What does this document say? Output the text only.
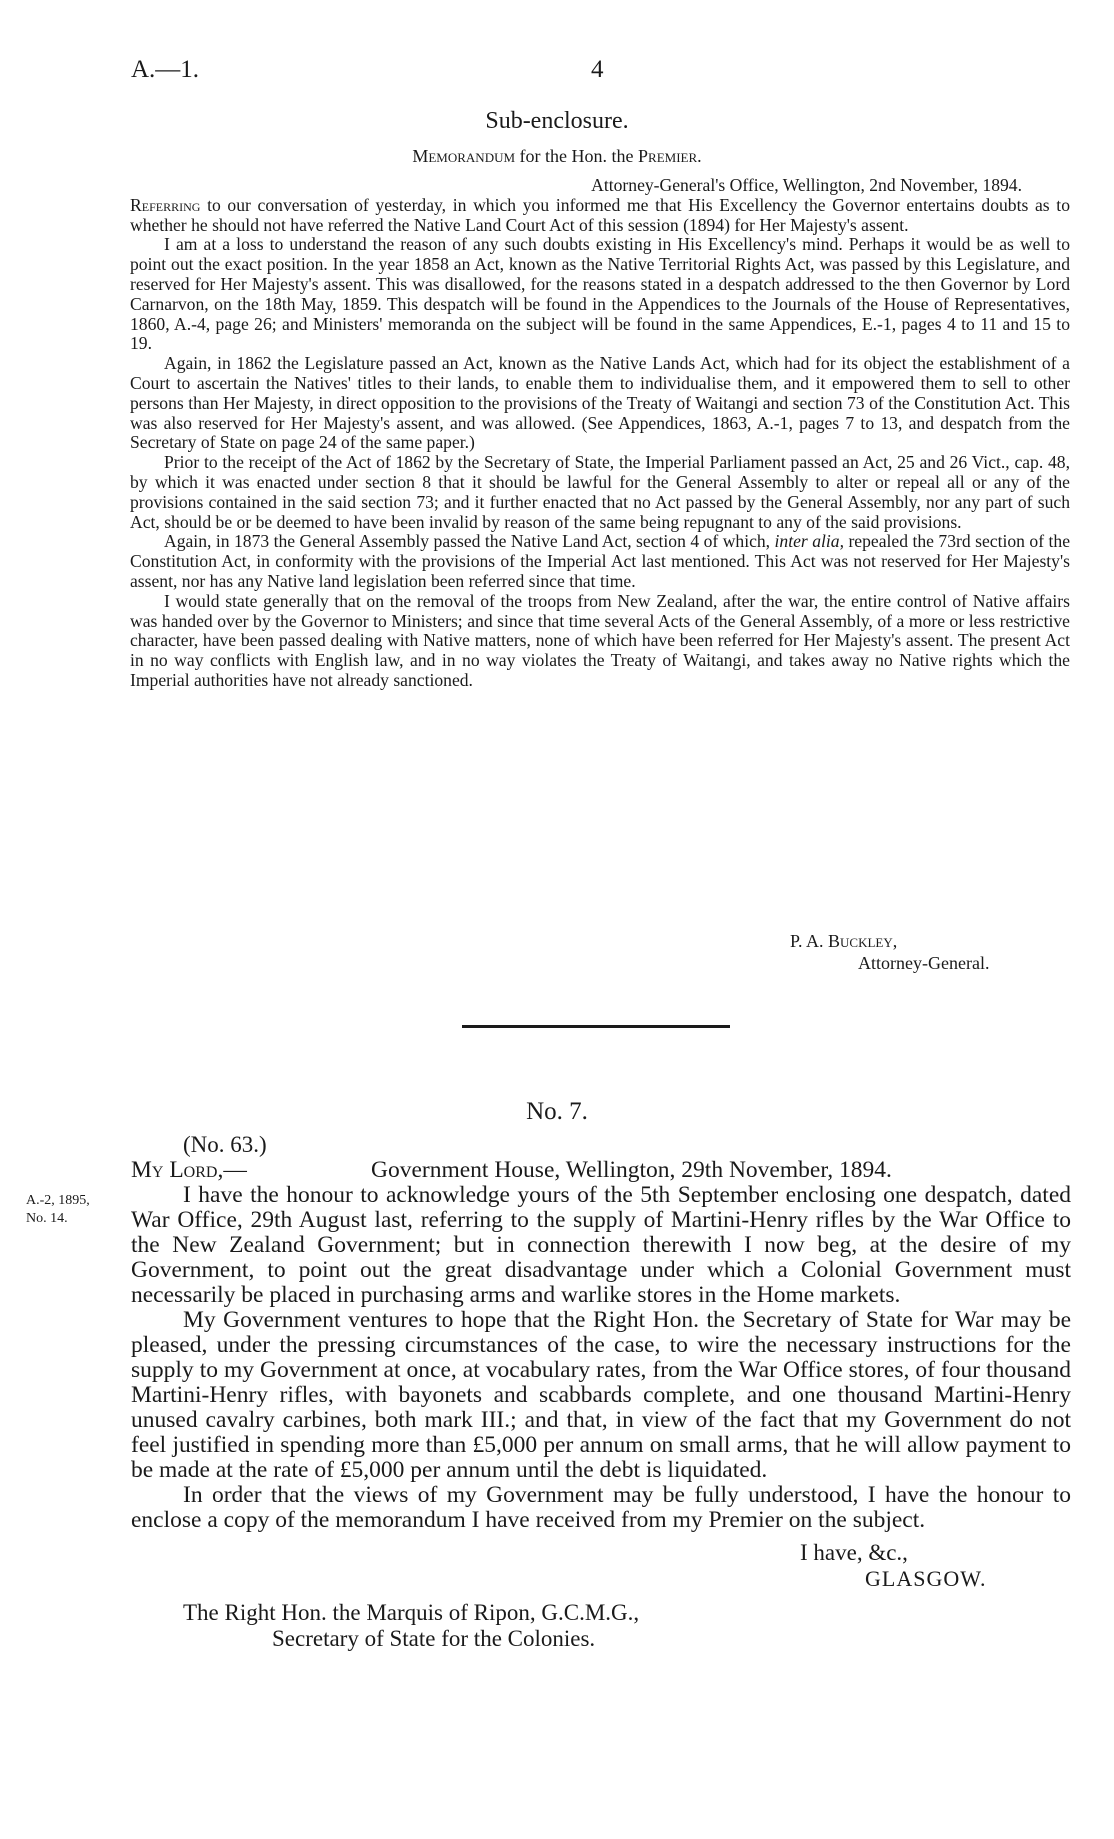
A.—1.	4
Sub-enclosure.
Memorandum for the Hon. the Premier.
Attorney-General's Office, Wellington, 2nd November, 1894.

Referring to our conversation of yesterday, in which you informed me that His Excellency the Governor entertains doubts as to whether he should not have referred the Native Land Court Act of this session (1894) for Her Majesty's assent.

I am at a loss to understand the reason of any such doubts existing in His Excellency's mind. Perhaps it would be as well to point out the exact position. In the year 1858 an Act, known as the Native Territorial Rights Act, was passed by this Legislature, and reserved for Her Majesty's assent. This was disallowed, for the reasons stated in a despatch addressed to the then Governor by Lord Carnarvon, on the 18th May, 1859. This despatch will be found in the Appendices to the Journals of the House of Representatives, 1860, A.-4, page 26; and Ministers' memoranda on the subject will be found in the same Appendices, E.-1, pages 4 to 11 and 15 to 19.

Again, in 1862 the Legislature passed an Act, known as the Native Lands Act, which had for its object the establishment of a Court to ascertain the Natives' titles to their lands, to enable them to individualise them, and it empowered them to sell to other persons than Her Majesty, in direct opposition to the provisions of the Treaty of Waitangi and section 73 of the Constitution Act. This was also reserved for Her Majesty's assent, and was allowed. (See Appendices, 1863, A.-1, pages 7 to 13, and despatch from the Secretary of State on page 24 of the same paper.)

Prior to the receipt of the Act of 1862 by the Secretary of State, the Imperial Parliament passed an Act, 25 and 26 Vict., cap. 48, by which it was enacted under section 8 that it should be lawful for the General Assembly to alter or repeal all or any of the provisions contained in the said section 73; and it further enacted that no Act passed by the General Assembly, nor any part of such Act, should be or be deemed to have been invalid by reason of the same being repugnant to any of the said provisions.

Again, in 1873 the General Assembly passed the Native Land Act, section 4 of which, inter alia, repealed the 73rd section of the Constitution Act, in conformity with the provisions of the Imperial Act last mentioned. This Act was not reserved for Her Majesty's assent, nor has any Native land legislation been referred since that time.

I would state generally that on the removal of the troops from New Zealand, after the war, the entire control of Native affairs was handed over by the Governor to Ministers; and since that time several Acts of the General Assembly, of a more or less restrictive character, have been passed dealing with Native matters, none of which have been referred for Her Majesty's assent. The present Act in no way conflicts with English law, and in no way violates the Treaty of Waitangi, and takes away no Native rights which the Imperial authorities have not already sanctioned.

P. A. Buckley,
Attorney-General.
No. 7.
(No. 63.)
A.-2, 1895,
No. 14.
My Lord,—	Government House, Wellington, 29th November, 1894.

I have the honour to acknowledge yours of the 5th September enclosing one despatch, dated War Office, 29th August last, referring to the supply of Martini-Henry rifles by the War Office to the New Zealand Government; but in connection therewith I now beg, at the desire of my Government, to point out the great disadvantage under which a Colonial Government must necessarily be placed in purchasing arms and warlike stores in the Home markets.

My Government ventures to hope that the Right Hon. the Secretary of State for War may be pleased, under the pressing circumstances of the case, to wire the necessary instructions for the supply to my Government at once, at vocabulary rates, from the War Office stores, of four thousand Martini-Henry rifles, with bayonets and scabbards complete, and one thousand Martini-Henry unused cavalry carbines, both mark III.; and that, in view of the fact that my Government do not feel justified in spending more than £5,000 per annum on small arms, that he will allow payment to be made at the rate of £5,000 per annum until the debt is liquidated.

In order that the views of my Government may be fully understood, I have the honour to enclose a copy of the memorandum I have received from my Premier on the subject.

I have, &c.,
GLASGOW.
The Right Hon. the Marquis of Ripon, G.C.M.G.,
Secretary of State for the Colonies.
